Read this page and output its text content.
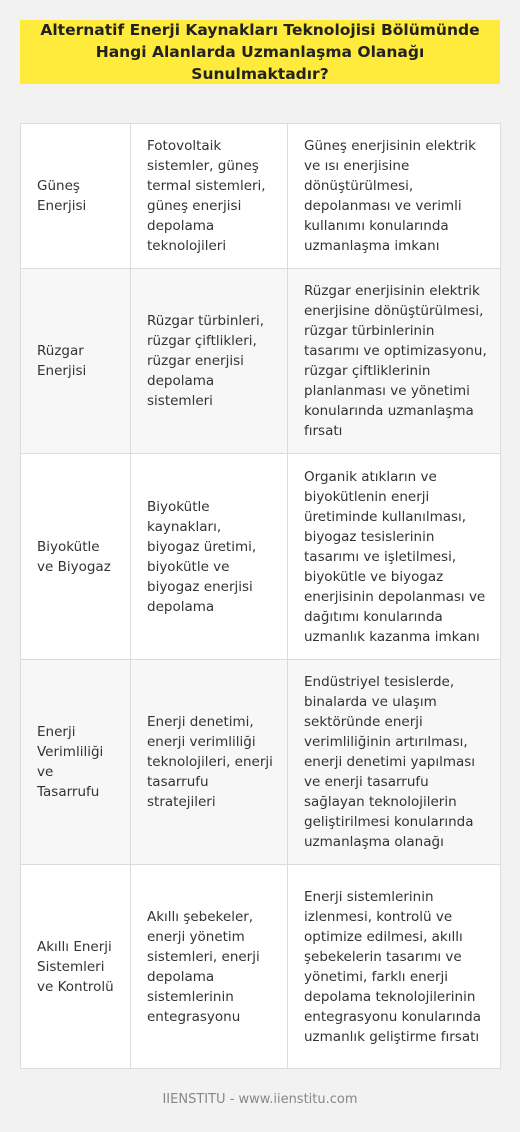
Alternatif Enerji Kaynakları Teknolojisi Bölümünde Hangi Alanlarda Uzmanlaşma Olanağı Sunulmaktadır?
Güneş Enerjisi	Fotovoltaik sistemler, güneş termal sistemleri, güneş enerjisi depolama teknolojileri	Güneş enerjisinin elektrik ve ısı enerjisine dönüştürülmesi, depolanması ve verimli kullanımı konularında uzmanlaşma imkanı
Rüzgar Enerjisi	Rüzgar türbinleri, rüzgar çiftlikleri, rüzgar enerjisi depolama sistemleri	Rüzgar enerjisinin elektrik enerjisine dönüştürülmesi, rüzgar türbinlerinin tasarımı ve optimizasyonu, rüzgar çiftliklerinin planlanması ve yönetimi konularında uzmanlaşma fırsatı
Biyokütle ve Biyogaz	Biyokütle kaynakları, biyogaz üretimi, biyokütle ve biyogaz enerjisi depolama	Organik atıkların ve biyokütlenin enerji üretiminde kullanılması, biyogaz tesislerinin tasarımı ve işletilmesi, biyokütle ve biyogaz enerjisinin depolanması ve dağıtımı konularında uzmanlık kazanma imkanı
Enerji Verimliliği ve Tasarrufu	Enerji denetimi, enerji verimliliği teknolojileri, enerji tasarrufu stratejileri	Endüstriyel tesislerde, binalarda ve ulaşım sektöründe enerji verimliliğinin artırılması, enerji denetimi yapılması ve enerji tasarrufu sağlayan teknolojilerin geliştirilmesi konularında uzmanlaşma olanağı
Akıllı Enerji Sistemleri ve Kontrolü	Akıllı şebekeler, enerji yönetim sistemleri, enerji depolama sistemlerinin entegrasyonu	Enerji sistemlerinin izlenmesi, kontrolü ve optimize edilmesi, akıllı şebekelerin tasarımı ve yönetimi, farklı enerji depolama teknolojilerinin entegrasyonu konularında uzmanlık geliştirme fırsatı
IIENSTITU - www.iienstitu.com
